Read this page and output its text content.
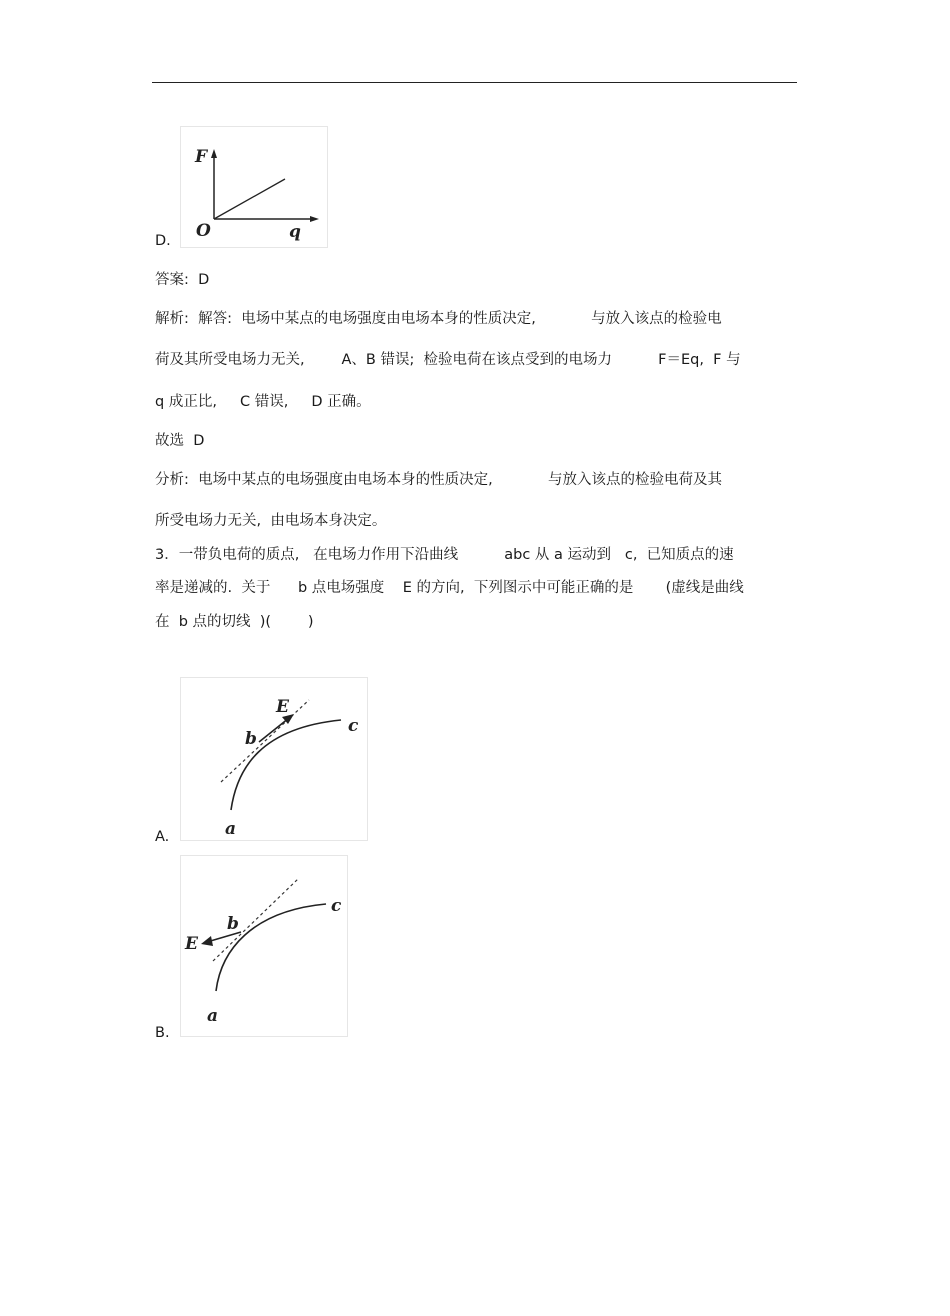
F
q
O
D.
答案:  D
解析:  解答:  电场中某点的电场强度由电场本身的性质决定,            与放入该点的检验电
荷及其所受电场力无关,        A、B 错误;  检验电荷在该点受到的电场力          F＝Eq,  F 与
q 成正比,     C 错误,     D 正确。
故选  D
分析:  电场中某点的电场强度由电场本身的性质决定,            与放入该点的检验电荷及其
所受电场力无关,  由电场本身决定。
3．一带负电荷的质点,   在电场力作用下沿曲线          abc 从 a 运动到   c,  已知质点的速
率是递减的.  关于      b 点电场强度    E 的方向,  下列图示中可能正确的是       (虚线是曲线
在  b 点的切线  )(        )
E
b
c
a
A.
E
b
c
a
B.
